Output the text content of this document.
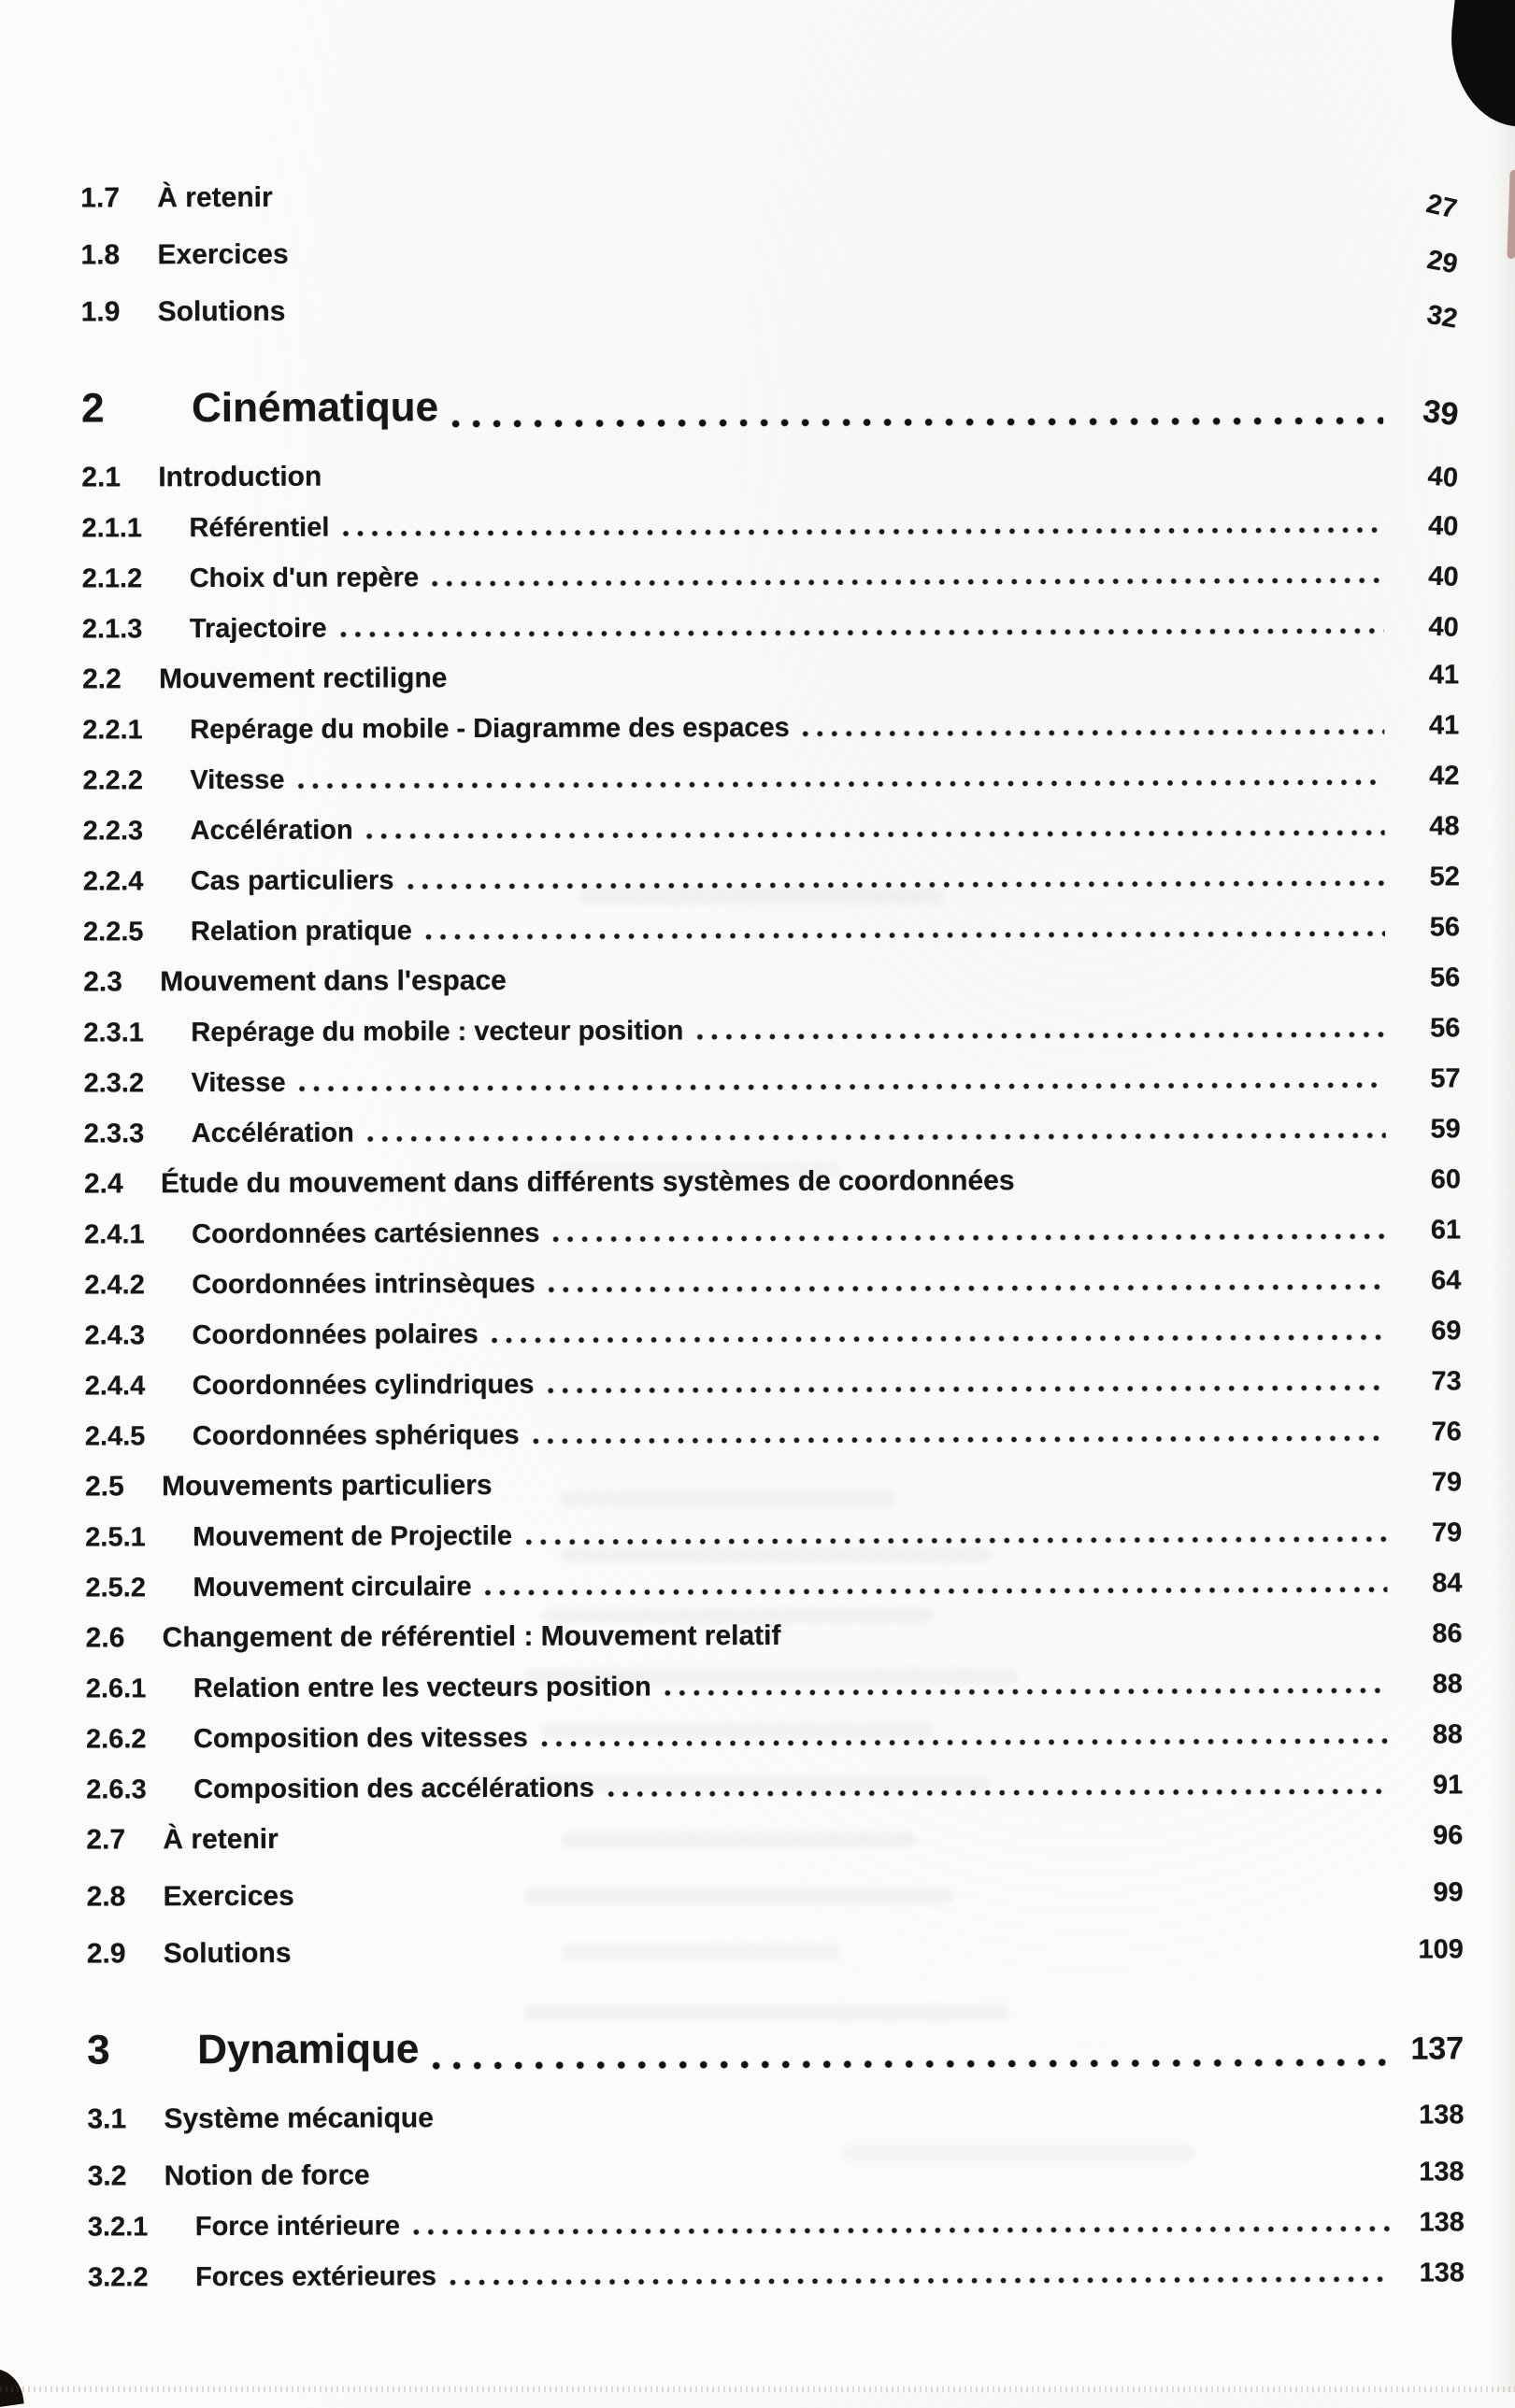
1.7	À retenir	27
1.8	Exercices	29
1.9	Solutions	32
2	Cinématique	39
2.1	Introduction	40
2.1.1	Référentiel	40
2.1.2	Choix d'un repère	40
2.1.3	Trajectoire	40
2.2	Mouvement rectiligne	41
2.2.1	Repérage du mobile - Diagramme des espaces	41
2.2.2	Vitesse	42
2.2.3	Accélération	48
2.2.4	Cas particuliers	52
2.2.5	Relation pratique	56
2.3	Mouvement dans l'espace	56
2.3.1	Repérage du mobile : vecteur position	56
2.3.2	Vitesse	57
2.3.3	Accélération	59
2.4	Étude du mouvement dans différents systèmes de coordonnées	60
2.4.1	Coordonnées cartésiennes	61
2.4.2	Coordonnées intrinsèques	64
2.4.3	Coordonnées polaires	69
2.4.4	Coordonnées cylindriques	73
2.4.5	Coordonnées sphériques	76
2.5	Mouvements particuliers	79
2.5.1	Mouvement de Projectile	79
2.5.2	Mouvement circulaire	84
2.6	Changement de référentiel : Mouvement relatif	86
2.6.1	Relation entre les vecteurs position	88
2.6.2	Composition des vitesses	88
2.6.3	Composition des accélérations	91
2.7	À retenir	96
2.8	Exercices	99
2.9	Solutions	109
3	Dynamique	137
3.1	Système mécanique	138
3.2	Notion de force	138
3.2.1	Force intérieure	138
3.2.2	Forces extérieures	138
